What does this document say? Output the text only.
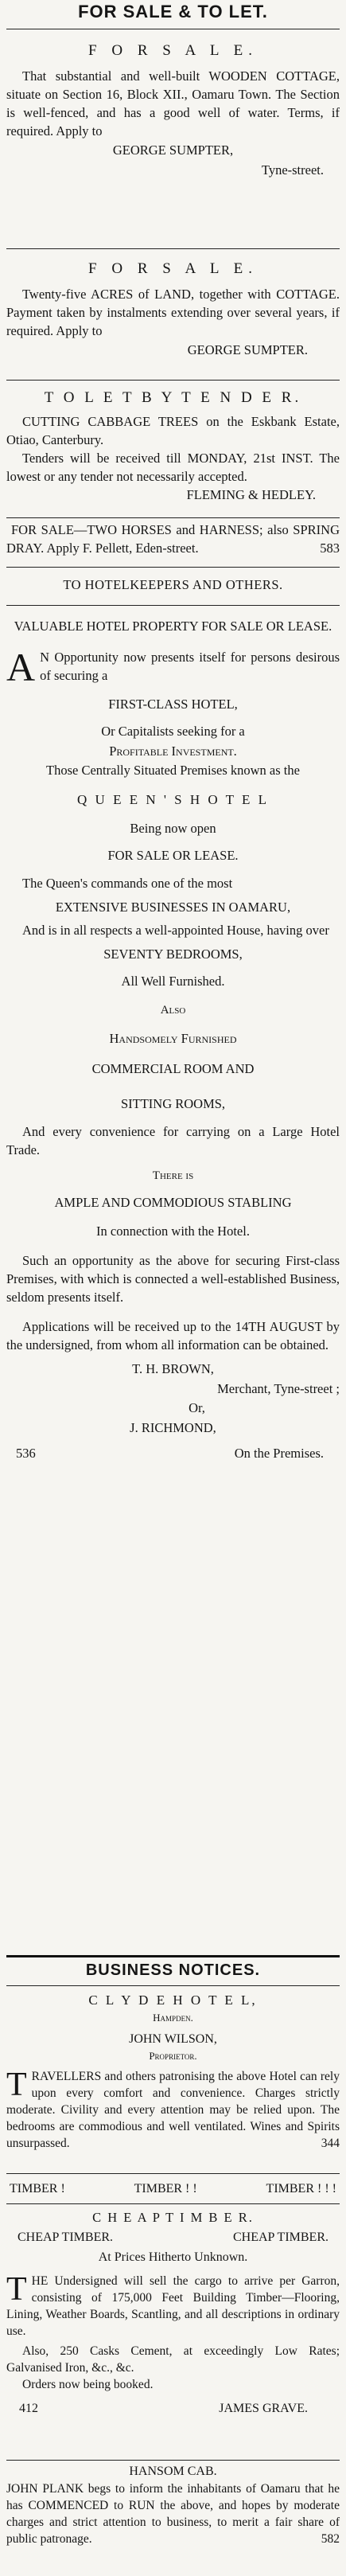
FOR SALE & TO LET.
F O R S A L E.
That substantial and well-built WOODEN COTTAGE, situate on Section 16, Block XII., Oamaru Town. The Section is well-fenced, and has a good well of water. Terms, if required. Apply to
GEORGE SUMPTER,
Tyne-street.
F O R S A L E.
Twenty-five ACRES of LAND, together with COTTAGE. Payment taken by instalments extending over several years, if required. Apply to
GEORGE SUMPTER.
T O L E T B Y T E N D E R.
CUTTING CABBAGE TREES on the Eskbank Estate, Otiao, Canterbury.
Tenders will be received till MONDAY, 21st INST. The lowest or any tender not necessarily accepted.
FLEMING & HEDLEY.
FOR SALE—TWO HORSES and HARNESS; also SPRING DRAY. Apply F. Pellett, Eden-street.	583
TO HOTELKEEPERS AND OTHERS.
VALUABLE HOTEL PROPERTY FOR SALE OR LEASE.
A N Opportunity now presents itself for persons desirous of securing a
FIRST-CLASS HOTEL,
Or Capitalists seeking for a
Profitable Investment.
Those Centrally Situated Premises known as the
Q U E E N ' S H O T E L
Being now open
FOR SALE OR LEASE.
The Queen's commands one of the most
EXTENSIVE BUSINESSES IN OAMARU,
And is in all respects a well-appointed House, having over
SEVENTY BEDROOMS,
All Well Furnished.
Also
Handsomely Furnished
COMMERCIAL ROOM AND
SITTING ROOMS,
And every convenience for carrying on a Large Hotel Trade.
There is
AMPLE AND COMMODIOUS STABLING
In connection with the Hotel.
Such an opportunity as the above for securing First-class Premises, with which is connected a well-established Business, seldom presents itself.
Applications will be received up to the 14TH AUGUST by the undersigned, from whom all information can be obtained.
T. H. BROWN,
Merchant, Tyne-street ;
Or,
J. RICHMOND,
536	On the Premises.
BUSINESS NOTICES.
C L Y D E H O T E L,
Hampden.
JOHN WILSON,
Proprietor.
TRAVELLERS and others patronising the above Hotel can rely upon every comfort and convenience. Charges strictly moderate. Civility and every attention may be relied upon. The bedrooms are commodious and well ventilated. Wines and Spirits unsurpassed.	344
TIMBER !	TIMBER ! !	TIMBER ! ! !
C H E A P T I M B E R.
CHEAP TIMBER.	CHEAP TIMBER.
At Prices Hitherto Unknown.
THE Undersigned will sell the cargo to arrive per Garron, consisting of 175,000 Feet Building Timber—Flooring, Lining, Weather Boards, Scantling, and all descriptions in ordinary use.
Also, 250 Casks Cement, at exceedingly Low Rates; Galvanised Iron, &c., &c.
Orders now being booked.
412	JAMES GRAVE.
HANSOM CAB.
JOHN PLANK begs to inform the inhabitants of Oamaru that he has COMMENCED to RUN the above, and hopes by moderate charges and strict attention to business, to merit a fair share of public patronage.	582
